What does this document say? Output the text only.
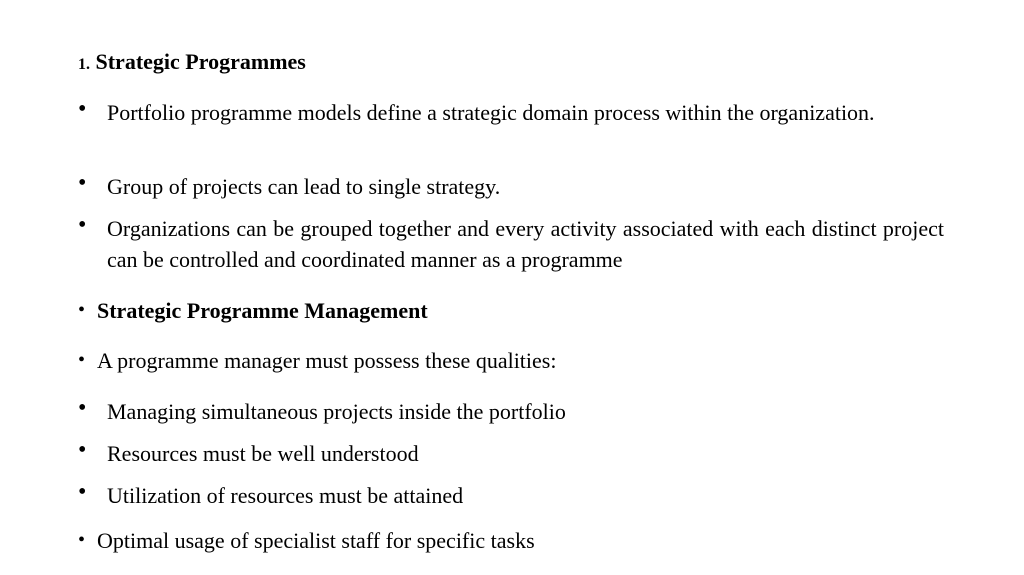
1. Strategic Programmes
• Portfolio programme models define a strategic domain process within the organization.
• Group of projects can lead to single strategy.
• Organizations can be grouped together and every activity associated with each distinct project can be controlled and coordinated manner as a programme
• Strategic Programme Management
• A programme manager must possess these qualities:
• Managing simultaneous projects inside the portfolio
• Resources must be well understood
• Utilization of resources must be attained
• Optimal usage of specialist staff for specific tasks
